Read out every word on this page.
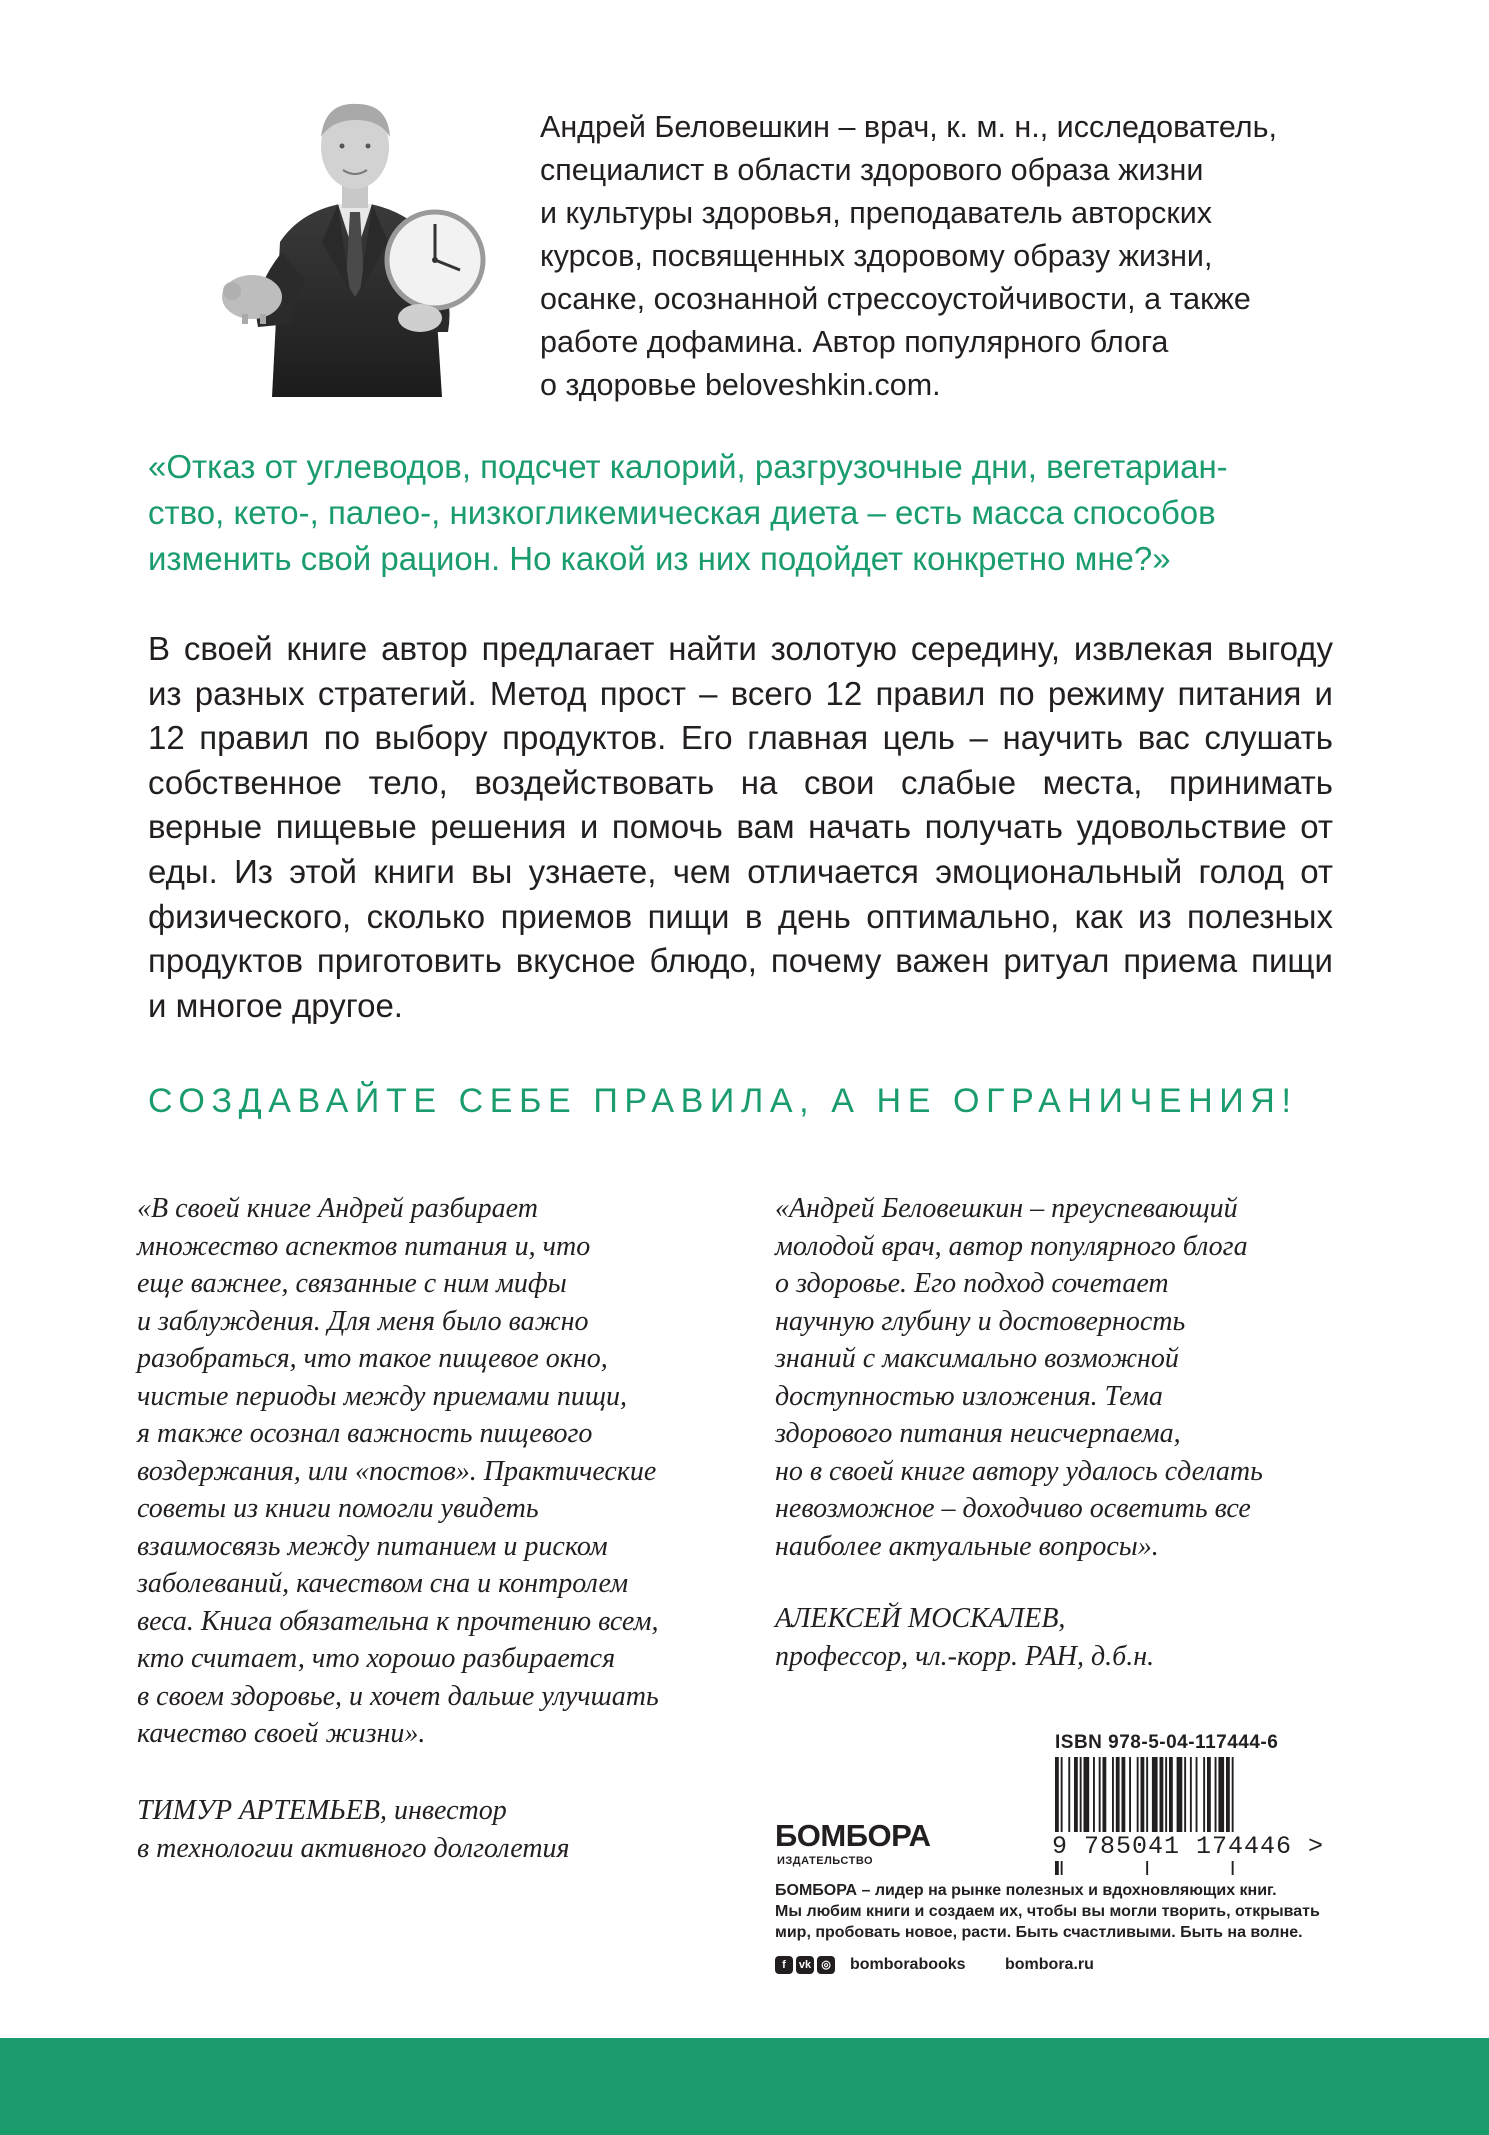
Андрей Беловешкин – врач, к. м. н., исследователь,
специалист в области здорового образа жизни
и культуры здоровья, преподаватель авторских
курсов, посвященных здоровому образу жизни,
осанке, осознанной стрессоустойчивости, а также
работе дофамина. Автор популярного блога
о здоровье beloveshkin.com.

«Отказ от углеводов, подсчет калорий, разгрузочные дни, вегетариан-
ство, кето-, палео-, низкогликемическая диета – есть масса способов
изменить свой рацион. Но какой из них подойдет конкретно мне?»

В своей книге автор предлагает найти золотую середину, извлекая выгоду
из разных стратегий. Метод прост – всего 12 правил по режиму питания и
12 правил по выбору продуктов. Его главная цель – научить вас слушать
собственное тело, воздействовать на свои слабые места, принимать
верные пищевые решения и помочь вам начать получать удовольствие от
еды. Из этой книги вы узнаете, чем отличается эмоциональный голод от
физического, сколько приемов пищи в день оптимально, как из полезных
продуктов приготовить вкусное блюдо, почему важен ритуал приема пищи
и многое другое.

СОЗДАВАЙТЕ СЕБЕ ПРАВИЛА, А НЕ ОГРАНИЧЕНИЯ!

«В своей книге Андрей разбирает
множество аспектов питания и, что
еще важнее, связанные с ним мифы
и заблуждения. Для меня было важно
разобраться, что такое пищевое окно,
чистые периоды между приемами пищи,
я также осознал важность пищевого
воздержания, или «постов». Практические
советы из книги помогли увидеть
взаимосвязь между питанием и риском
заболеваний, качеством сна и контролем
веса. Книга обязательна к прочтению всем,
кто считает, что хорошо разбирается
в своем здоровье, и хочет дальше улучшать
качество своей жизни».

ТИМУР АРТЕМЬЕВ, инвестор
в технологии активного долголетия

«Андрей Беловешкин – преуспевающий
молодой врач, автор популярного блога
о здоровье. Его подход сочетает
научную глубину и достоверность
знаний с максимально возможной
доступностью изложения. Тема
здорового питания неисчерпаема,
но в своей книге автору удалось сделать
невозможное – доходчиво осветить все
наиболее актуальные вопросы».

АЛЕКСЕЙ МОСКАЛЕВ,
профессор, чл.-корр. РАН, д.б.н.

ISBN 978-5-04-117444-6
9 785041 174446 >
БОМБОРА
ИЗДАТЕЛЬСТВО

БОМБОРА – лидер на рынке полезных и вдохновляющих книг.
Мы любим книги и создаем их, чтобы вы могли творить, открывать
мир, пробовать новое, расти. Быть счастливыми. Быть на волне.

f	vk ◎ bomborabooks bombora.ru
